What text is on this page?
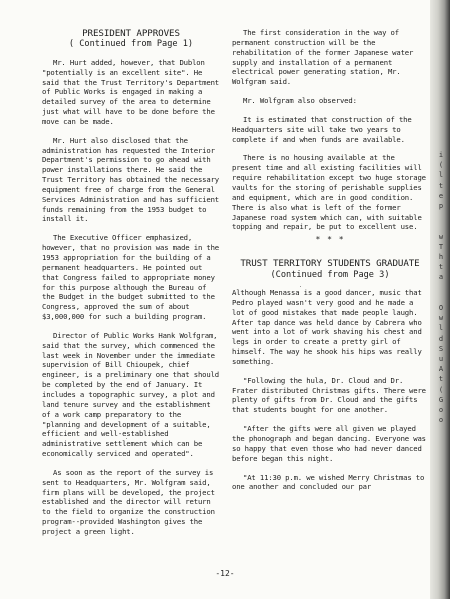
PRESIDENT APPROVES
( Continued from Page 1)

Mr. Hurt added, however, that Dublon "potentially is an excellent site". He said that the Trust Territory's Department of Public Works is engaged in making a detailed survey of the area to determine just what will have to be done before the move can be made.

Mr. Hurt also disclosed that the administration has requested the Interior Department's permission to go ahead with power installations there. He said the Trust Territory has obtained the necessary equipment free of charge from the General Services Administration and has sufficient funds remaining from the 1953 budget to install it.

The Executive Officer emphasized, however, that no provision was made in the 1953 appropriation for the building of a permanent headquarters. He pointed out that Congress failed to appropriate money for this purpose although the Bureau of the Budget in the budget submitted to the Congress, approved the sum of about $3,000,000 for such a building program.

Director of Public Works Hank Wolfgram, said that the survey, which commenced the last week in November under the immediate supervision of Bill Chioupek, chief engineer, is a preliminary one that should be completed by the end of January. It includes a topographic survey, a plot and land tenure survey and the establishment of a work camp preparatory to the "planning and development of a suitable, efficient and well-established administrative settlement which can be economically serviced and operated".

As soon as the report of the survey is sent to Headquarters, Mr. Wolfgram said, firm plans will be developed, the project established and the director will return to the field to organize the construction program--provided Washington gives the project a green light.

The first consideration in the way of permanent construction will be the rehabilitation of the former Japanese water supply and installation of a permanent electrical power generating station, Mr. Wolfgram said.

Mr. Wolfgram also observed:

It is estimated that construction of the Headquarters site will take two years to complete if and when funds are available.

There is no housing available at the present time and all existing facilities will require rehabilitation except two huge storage vaults for the storing of perishable supplies and equipment, which are in good condition. There is also what is left of the former Japanese road system which can, with suitable topping and repair, be put to excellent use.

* * *
TRUST TERRITORY STUDENTS GRADUATE
(Continued from Page 3)

Although Menassa is a good dancer, music that Pedro played wasn't very good and he made a lot of good mistakes that made people laugh. After tap dance was held dance by Cabrera who went into a lot of work shaving his chest and legs in order to create a pretty girl of himself. The way he shook his hips was really something.

"Following the hula, Dr. Cloud and Dr. Frater distributed Christmas gifts. There were plenty of gifts from Dr. Cloud and the gifts that students bought for one another.

"After the gifts were all given we played the phonograph and began dancing. Everyone was so happy that even those who had never danced before began this night.

"At 11:30 p.m. we wished Merry Christmas to one another and concluded our par

-12-
i
(
l
t
e
p

w
T
h
t
a

O
w
l
d
S
u
A
t
(
G
o
o
